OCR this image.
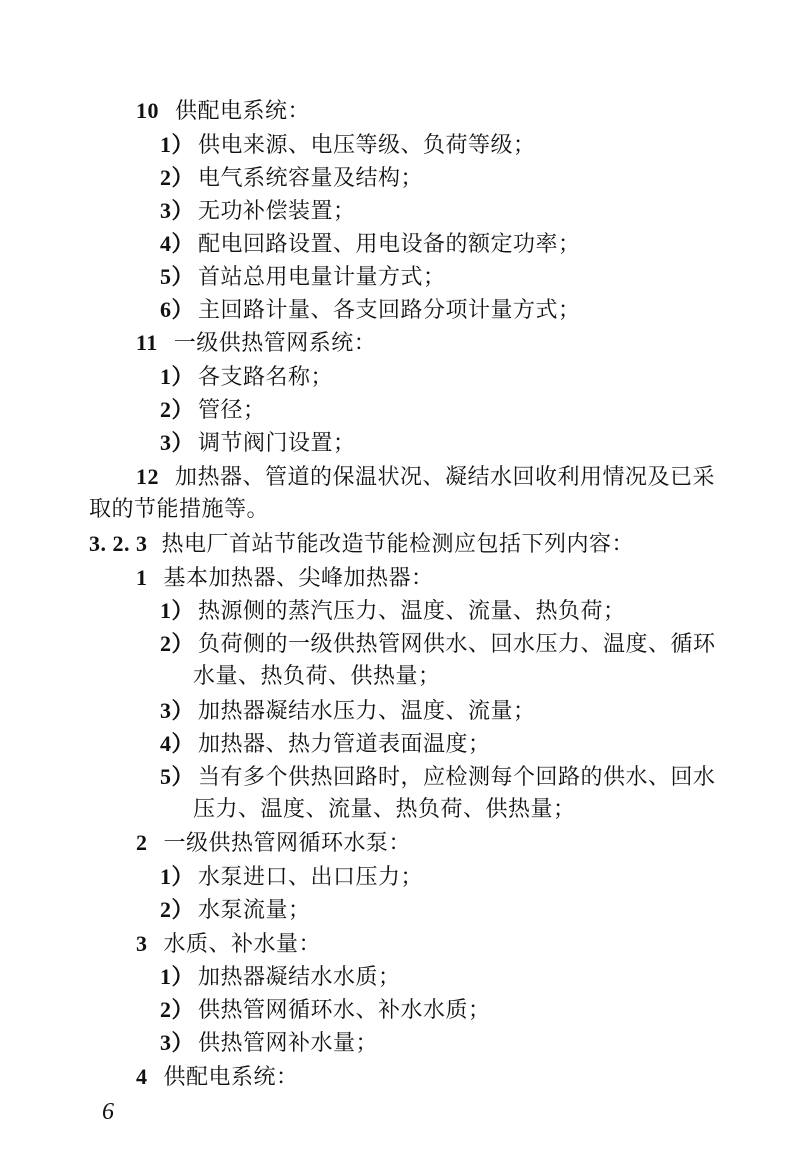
10 供配电系统：
1） 供电来源、电压等级、负荷等级；
2） 电气系统容量及结构；
3） 无功补偿装置；
4） 配电回路设置、用电设备的额定功率；
5） 首站总用电量计量方式；
6） 主回路计量、各支回路分项计量方式；
11 一级供热管网系统：
1） 各支路名称；
2） 管径；
3） 调节阀门设置；
12 加热器、管道的保温状况、凝结水回收利用情况及已采
取的节能措施等。
3. 2. 3 热电厂首站节能改造节能检测应包括下列内容：
1 基本加热器、尖峰加热器：
1） 热源侧的蒸汽压力、温度、流量、热负荷；
2） 负荷侧的一级供热管网供水、回水压力、温度、循环
水量、热负荷、供热量；
3） 加热器凝结水压力、温度、流量；
4） 加热器、热力管道表面温度；
5） 当有多个供热回路时，应检测每个回路的供水、回水
压力、温度、流量、热负荷、供热量；
2 一级供热管网循环水泵：
1） 水泵进口、出口压力；
2） 水泵流量；
3 水质、补水量：
1） 加热器凝结水水质；
2） 供热管网循环水、补水水质；
3） 供热管网补水量；
4 供配电系统：
6
